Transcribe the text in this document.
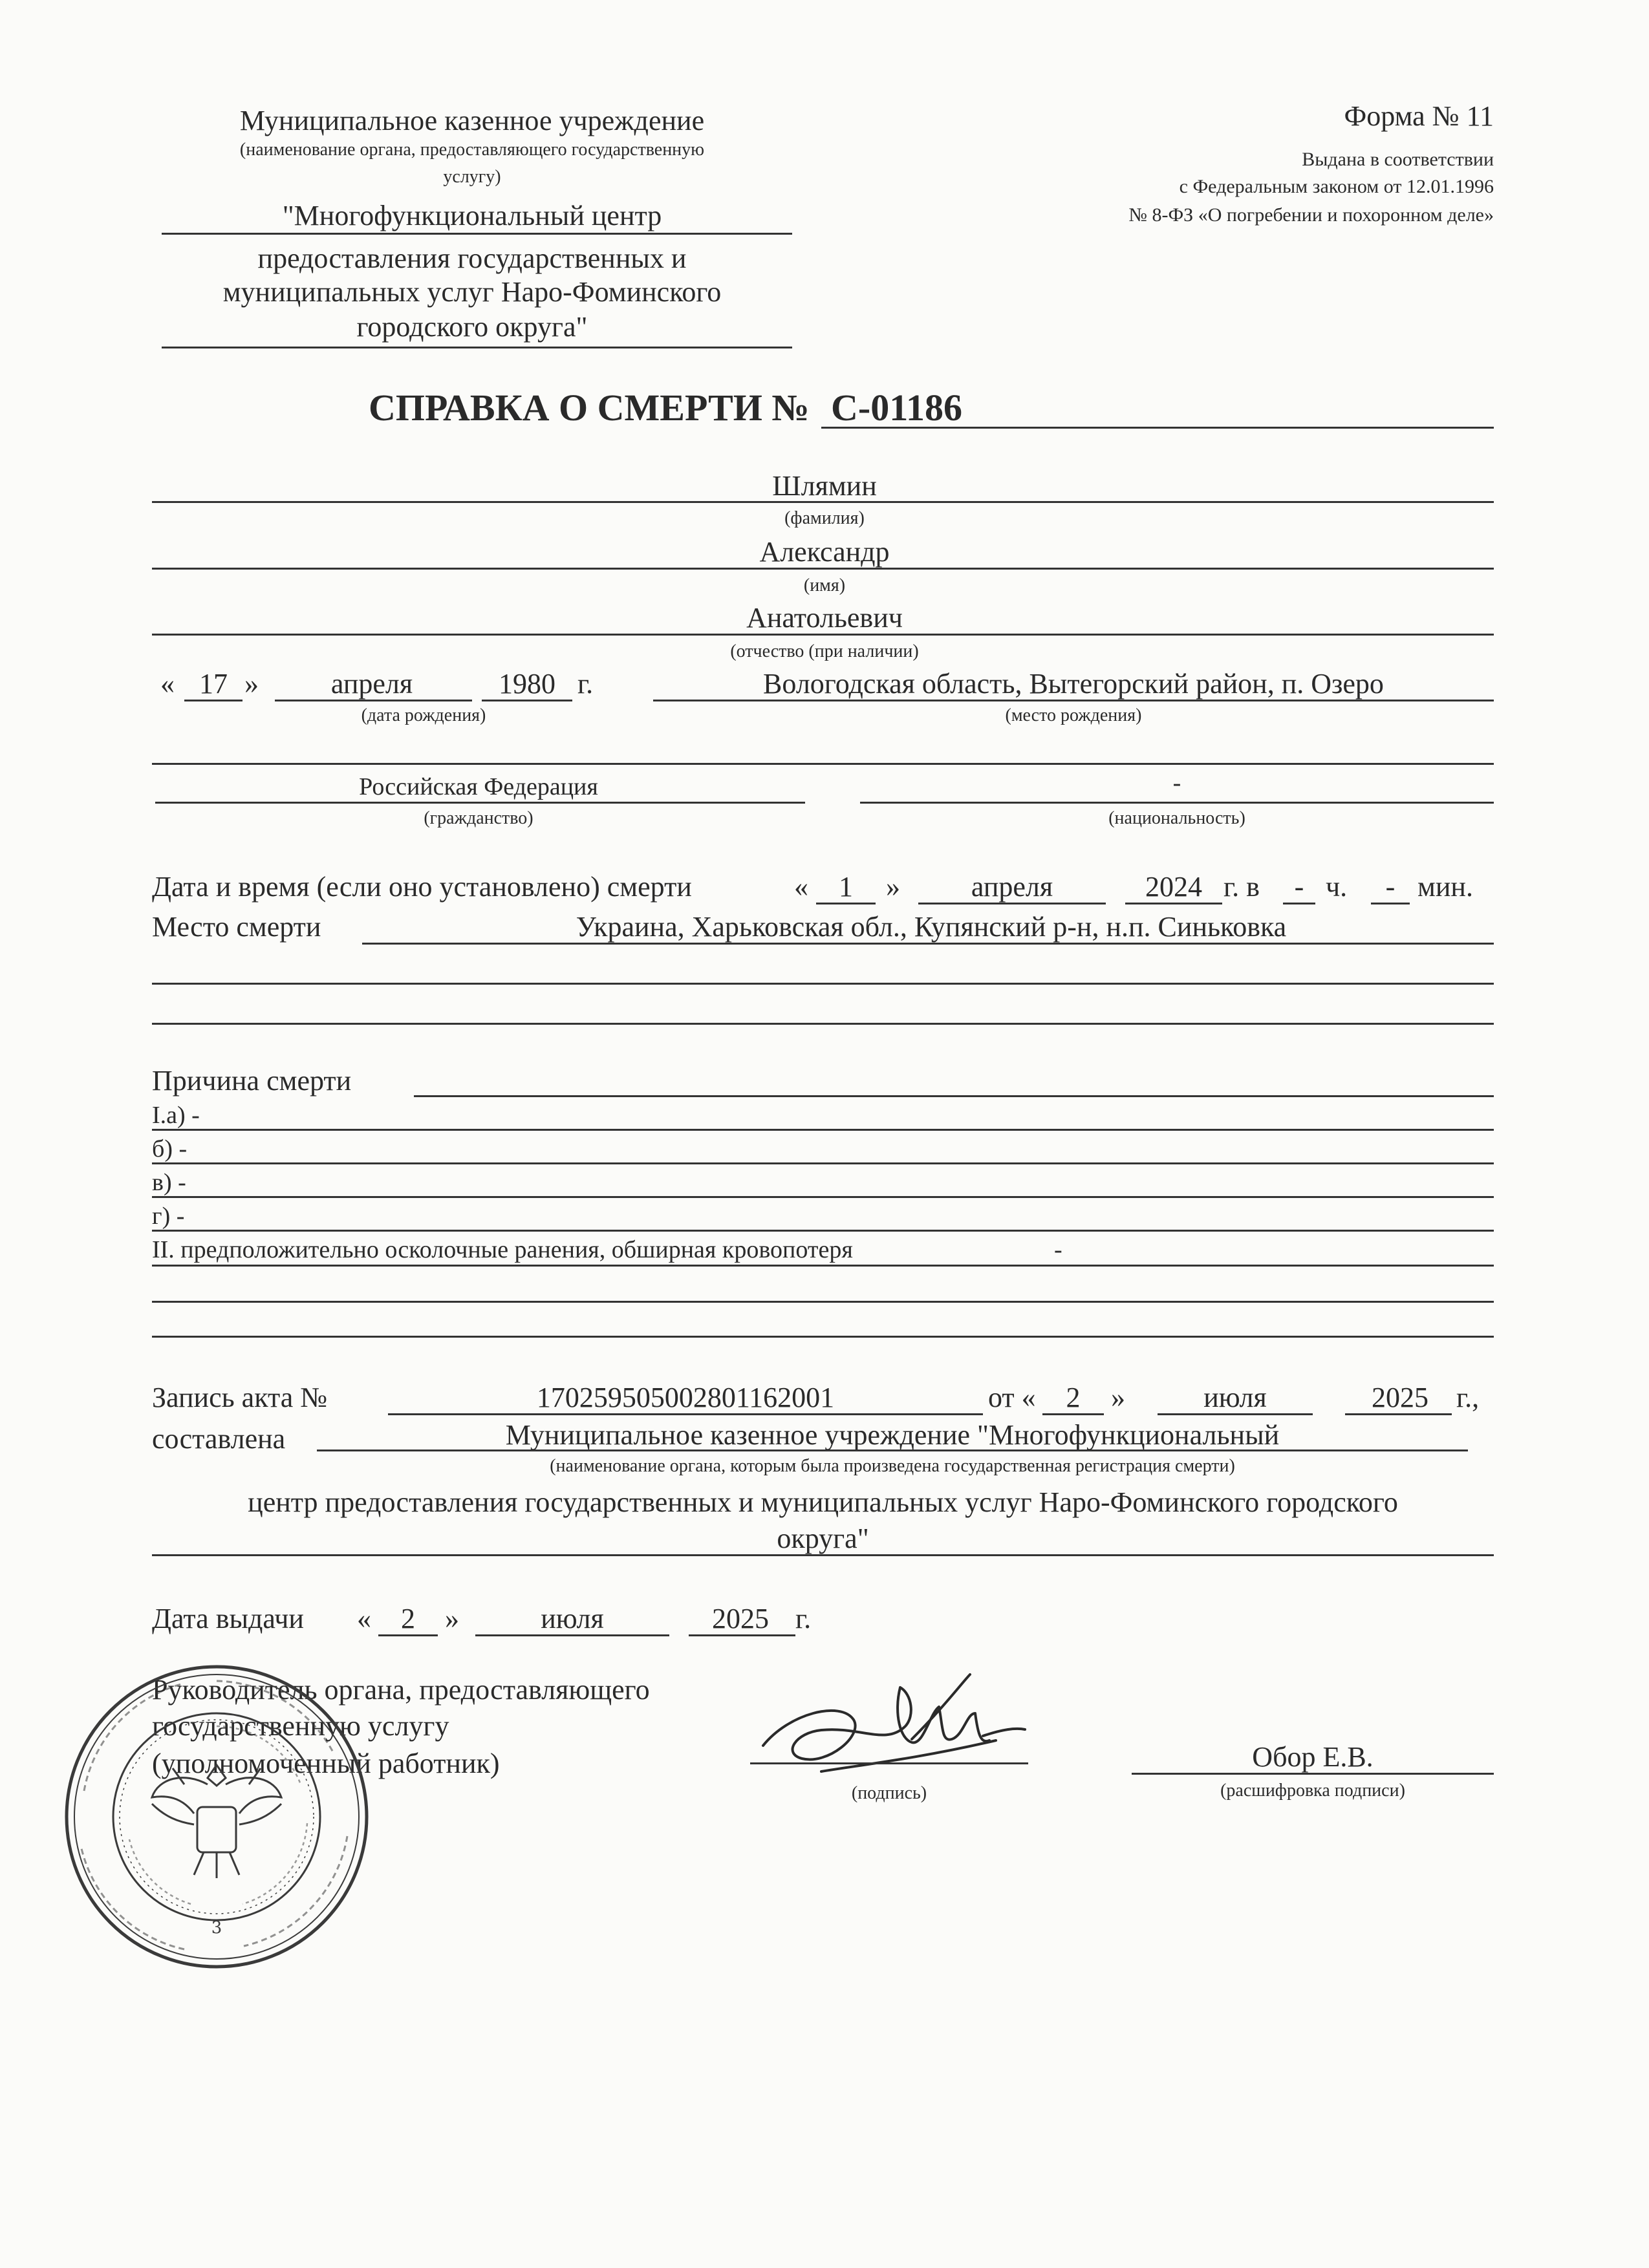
Муниципальное казенное учреждение
(наименование органа, предоставляющего государственную
услугу)
"Многофункциональный центр
предоставления государственных и
муниципальных услуг Наро-Фоминского
городского округа"
Форма № 11
Выдана в соответствии
с Федеральным законом от 12.01.1996
№ 8-ФЗ «О погребении и похоронном деле»
СПРАВКА О СМЕРТИ № С-01186
Шлямин
(фамилия)
Александр
(имя)
Анатольевич
(отчество (при наличии)
« 17 »	апреля	1980 г.
(дата рождения)
Вологодская область, Вытегорский район, п. Озеро
(место рождения)
Российская Федерация
(гражданство)
-
(национальность)
Дата и время (если оно установлено) смерти	«	1	»	апреля	2024 г. в	- ч.	- мин.
Место смерти	Украина, Харьковская обл., Купянский р-н, н.п. Синьковка
Причина смерти
I.а) -
б) -
в) -
г) -
II. предположительно осколочные ранения, обширная кровопотеря	-
Запись акта №	170259505002801162001	от «	2	»	июля	2025 г.,
составлена	Муниципальное казенное учреждение "Многофункциональный
(наименование органа, которым была произведена государственная регистрация смерти)
центр предоставления государственных и муниципальных услуг Наро-Фоминского городского
округа"
Дата выдачи «	2	»	июля	2025 г.
Руководитель органа, предоставляющего
государственную услугу
(уполномоченный работник)
(подпись)
Обор Е.В.
(расшифровка подписи)
3
